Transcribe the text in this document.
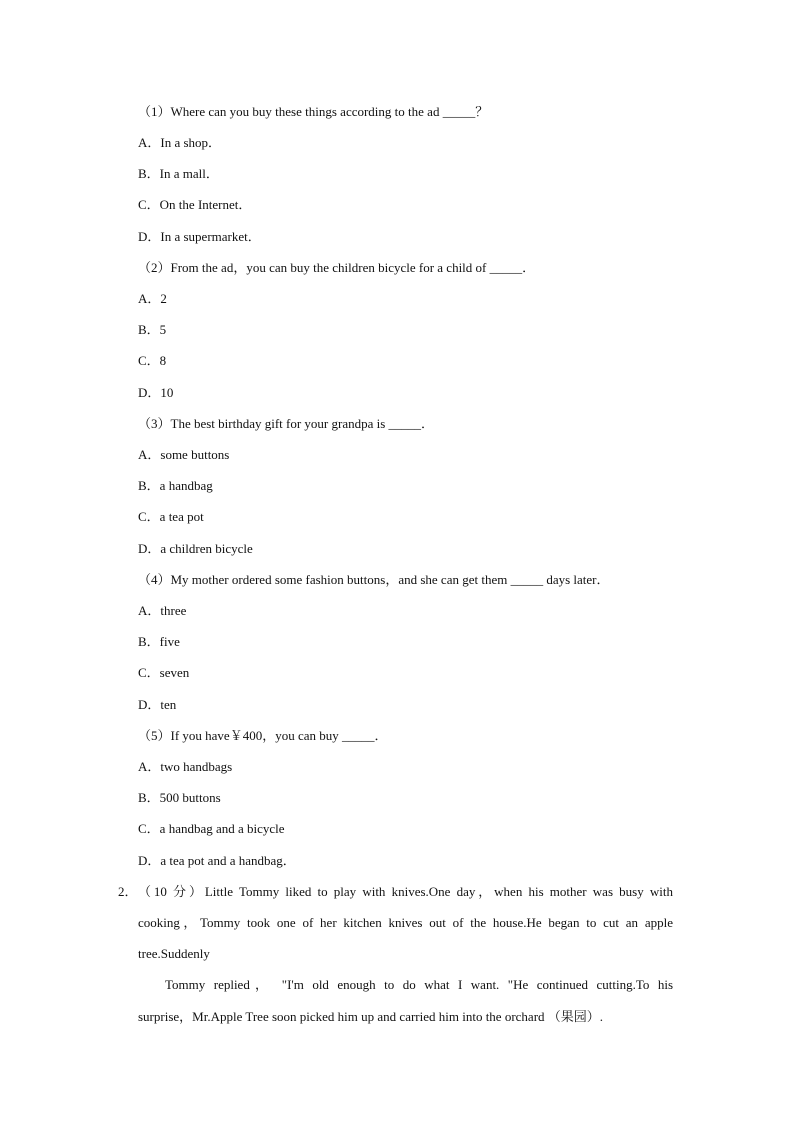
（1）Where can you buy these things according to the ad _____？
A．In a shop．
B．In a mall．
C．On the Internet．
D．In a supermarket．
（2）From the ad，you can buy the children bicycle for a child of _____．
A．2
B．5
C．8
D．10
（3）The best birthday gift for your grandpa is _____．
A．some buttons
B．a handbag
C．a tea pot
D．a children bicycle
（4）My mother ordered some fashion buttons，and she can get them _____ days later．
A．three
B．five
C．seven
D．ten
（5）If you have￥400，you can buy _____．
A．two handbags
B．500 buttons
C．a handbag and a bicycle
D．a tea pot and a handbag．
2． （10 分）Little Tommy liked to play with knives.One day，when his mother was busy with
cooking，Tommy took one of her kitchen knives out of the house.He began to cut an apple
tree.Suddenly
Tommy replied， "I'm old enough to do what I want. "He continued cutting.To his
surprise，Mr.Apple Tree soon picked him up and carried him into the orchard （果园）.
